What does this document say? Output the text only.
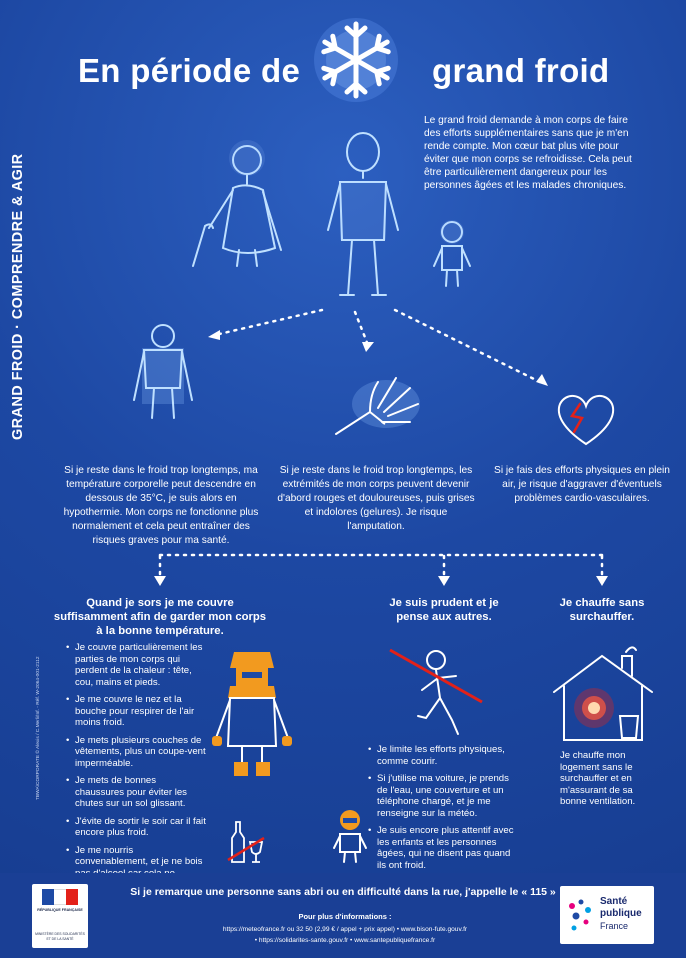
En période de	grand froid
GRAND FROID · COMPRENDRE & AGIR
Le grand froid demande à mon corps de faire des efforts supplémentaires sans que je m'en rende compte. Mon cœur bat plus vite pour éviter que mon corps se refroidisse. Cela peut être particulièrement dangereux pour les personnes âgées et les malades chroniques.
Si je reste dans le froid trop longtemps, ma température corporelle peut descendre en dessous de 35°C, je suis alors en hypothermie. Mon corps ne fonctionne plus normalement et cela peut entraîner des risques graves pour ma santé.
Si je reste dans le froid trop longtemps, les extrémités de mon corps peuvent devenir d'abord rouges et douloureuses, puis grises et indolores (gelures). Je risque l'amputation.
Si je fais des efforts physiques en plein air, je risque d'aggraver d'éventuels problèmes cardio-vasculaires.
Quand je sors je me couvre suffisamment afin de garder mon corps à la bonne température.
Je suis prudent et je pense aux autres.
Je chauffe sans surchauffer.
• Je couvre particulièrement les parties de mon corps qui perdent de la chaleur : tête, cou, mains et pieds.
• Je me couvre le nez et la bouche pour respirer de l'air moins froid.
• Je mets plusieurs couches de vêtements, plus un coupe-vent imperméable.
• Je mets de bonnes chaussures pour éviter les chutes sur un sol glissant.
• J'évite de sortir le soir car il fait encore plus froid.
• Je me nourris convenablement, et je ne bois
• Je limite les efforts physiques, comme courir.
• Si j'utilise ma voiture, je prends de l'eau, une couverture et un téléphone chargé, et je me renseigne sur la météo.
• Je suis encore plus attentif avec les enfants et les personnes âgées, qui ne disent pas quand ils ont froid.
Je chauffe mon logement sans le surchauffer et en m'assurant de sa bonne ventilation.
TBWA\CORPORATE © Alexis / C.Merli/Inf. - Réf. W-2064-001-2112
Si je remarque une personne sans abri ou en difficulté dans la rue, j'appelle le « 115 »
Pour plus d'informations :
https://meteofrance.fr ou 32 50 (2,99 € / appel + prix appel) • www.bison-fute.gouv.fr
• https://solidarites-sante.gouv.fr • www.santepubliquefrance.fr
RÉPUBLIQUE FRANÇAISE
MINISTÈRE DES SOLIDARITÉS
ET DE LA SANTÉ
Santé
publique
France
